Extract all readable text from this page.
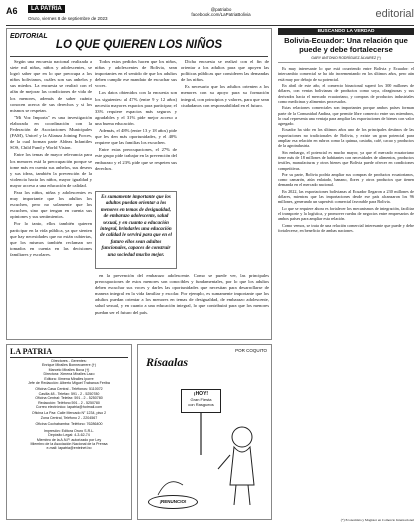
A6	LA PATRIA
Oruro, viernes 8 de septiembre de 2023
@patriabo
facebook.com/LaPatriaBolivia	editorial
EDITORIAL
LO QUE QUIEREN LOS NIÑOS

Según una encuesta nacional realizada a siete mil niñas, niños y adolescentes, se logró saber que en lo que preocupa a los niños bolivianos, cuáles son sus anhelos y sus miedos. La encuesta se realizó con el afán de mejorar las condiciones de vida de los menores, además de saber cuánto conocen acerca de sus derechos y si los mismos se respetan.

"Mi Voz Importa" es una investigación elaborada en coordinación con la Federación de Asociaciones Municipales (FAM), Unicef y la Alianza Joining Forces, de la cual forman parte Aldeas Infantiles SOS, Child Fund y World Vision.

Entre los temas de mayor relevancia para los menores está la preocupación porque se tome más en cuenta sus anhelos, sus deseos y sus ideas, también la prevención de la violencia hacia los niños, mayor igualdad y mayor acceso a una educación de calidad.

Para los niños, niñas y adolescentes es muy importante que los adultos los escuchen, pero no solamente que los escuchen, sino que tengan en cuenta sus opiniones y sus sentimientos.

Por lo tanto, ellos también quieren participar en la vida pública, ya que sienten que hay necesidades que no están cubiertas, que los mismos también reclaman ser tomados en cuenta en las decisiones familiares y escolares.

Todos estos pedidos hacen que los niños, niñas y adolescentes de Bolivia, sean importantes en el sentido de que los adultos deben cumplir ese mandato de escuchar sus voces.

Los datos obtenidos con la encuesta son los siguientes: al 47% (entre 9 y 12 años) necesita mayores espacios para participar; el 33% requiere espacios más seguros y agradables y el 31% pide mejor acceso a una buena educación.

Además, el 48% (entre 13 y 18 años) pide que les den más oportunidades, y el 40% requiere que las familias los escuchen.

Entre estas preocupaciones, el 27% de este grupo pide trabajar en la prevención del embarazo y el 23% pide que se respeten sus derechos.

Dicha encuesta se realizó con el fin de orientar a los adultos para que apoyen las políticas públicas que consideren las demandas de los niños.

Es necesario que los adultos orienten a los menores con su apoyo para su formación integral, con principios y valores, para que sean ciudadanos con responsabilidad en el futuro.

Es sumamente importante que los adultos puedan orientar a los menores en temas de desigualdad, de embarazo adolescente, salud sexual, y en cuanto a educación integral, brindarles una educación de calidad le servirá para que en el futuro ellos sean adultos funcionales, capaces de construir una sociedad mucho mejor.

en la prevención del embarazo adolescente. Como se puede ver, las principales preocupaciones de estos menores son conocibles y fundamentales, por lo que los adultos deben escuchar sus voces y darles las oportunidades que necesitan para desarrollarse de manera integral en la vida familiar y escolar. Por ejemplo, es sumamente importante que los adultos puedan orientar a los menores en temas de desigualdad, de embarazo adolescente, salud sexual, y en cuanto a una educación integral, lo que contribuirá para que los menores puedan ser el futuro del país.

LA PATRIA
Directores - Gerentes:
Enrique Miralles Bonnecarrere (†)
Marcelo Miralles Bova (†)
Directora: Ximena Miralles Lazo
Editora: Ximena Miralles Iporre
Jefe de Redacción: Alberto Miguel Trabanca Feriba
Oficina Casa Central - Teléfonos: 5110072
Casilla 48 - Telefax: 591 - 2 - 5250780
Oficina Central: Telefax: 591 - 2 - 5250780
Redacción: Teléfono 591 - 2 - 5250780
Correo electrónico: lapatria@hotmail.com
Oficina La Paz: Calle Mercado N° 1234, piso 2
Zona Central, Teléfono 2 - 2204567
Oficina Cochabamba: Teléfono: 76286400
Impresión: Editora Oruro S.R.L.
Depósito Legal: 4-3-62-74
Miembro de la A.N.P. autorizado por Ley
Miembro de la Asociación Nacional de la Prensa
e-mail: lapatria@entelnet.bo
POR COQUITO
Rísaalas
¡HOY!
Gran Fiesta
con Rasgueos
¡RENUNCIO!
BUSCANDO LA VERDAD
Bolivia-Ecuador: Una relación que puede y debe fortalecerse
GARY ANTONIO RODRÍGUEZ ÁLVAREZ (*)

Es muy interesante lo que está ocurriendo entre Bolivia y Ecuador: el intercambio comercial se ha ido incrementando en los últimos años, pero aún está muy por debajo de su potencial.

En abril de este año, el comercio binacional superó los 300 millones de dólares, con ventas bolivianas de productos como soya, oleaginosas y sus derivados hacia el mercado ecuatoriano, y compras de productos industriales como medicinas y alimentos procesados.

Estas relaciones comerciales son importantes porque ambos países forman parte de la Comunidad Andina, que permite libre comercio entre sus miembros, lo cual representa una ventaja para ampliar las exportaciones de bienes con valor agregado.

Ecuador ha sido en los últimos años uno de los principales destinos de las exportaciones no tradicionales de Bolivia, y existe un gran potencial para ampliar esa relación en rubros como la quinua, castaña, café, cacao y productos de la agroindustria.

Sin embargo, el potencial es mucho mayor, ya que el mercado ecuatoriano tiene más de 18 millones de habitantes con necesidades de alimentos, productos textiles, manufacturas y otros bienes que Bolivia puede ofrecer en condiciones competitivas.

Por su parte, Bolivia podría ampliar sus compras de productos ecuatorianos, como camarón, atún enlatado, banano, flores y otros productos que tienen demanda en el mercado nacional.

En 2022, las exportaciones bolivianas al Ecuador llegaron a 230 millones de dólares, mientras que las importaciones desde ese país alcanzaron los 96 millones, generando un superávit comercial favorable para Bolivia.

Lo que se requiere ahora es fortalecer los mecanismos de integración, facilitar el transporte y la logística, y promover ruedas de negocios entre empresarios de ambos países para ampliar esta relación.

Como vemos, se trata de una relación comercial interesante que puede y debe fortalecerse, en beneficio de ambas naciones.

(*) Economista y Magíster en Comercio Internacional
